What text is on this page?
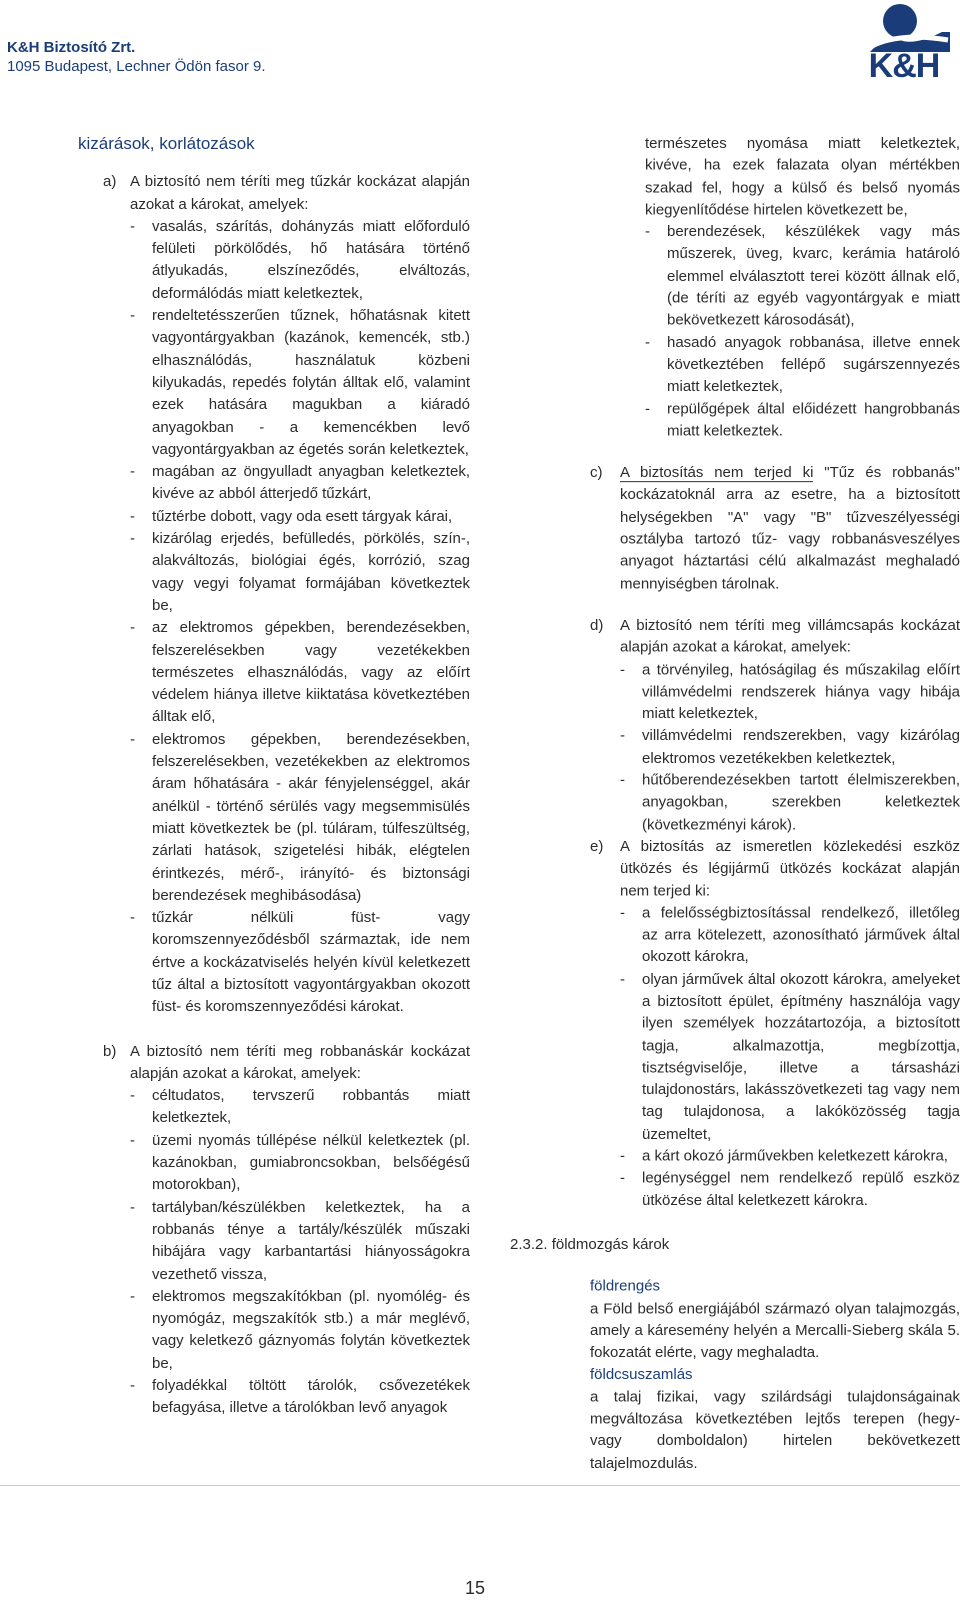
K&H Biztosító Zrt.
1095 Budapest, Lechner Ödön fasor 9.	K&H
kizárások, korlátozások
a) A biztosító nem téríti meg tűzkár kockázat alapján azokat a károkat, amelyek:

- vasalás, szárítás, dohányzás miatt előforduló felületi pörkölődés, hő hatására történő átlyukadás, elszíneződés, elváltozás, deformálódás miatt keletkeztek,
- rendeltetésszerűen tűznek, hőhatásnak kitett vagyontárgyakban (kazánok, kemencék, stb.) elhasználódás, használatuk közbeni kilyukadás, repedés folytán álltak elő, valamint ezek hatására magukban a kiáradó anyagokban - a kemencékben levő vagyontárgyakban az égetés során keletkeztek,
- magában az öngyulladt anyagban keletkeztek, kivéve az abból átterjedő tűzkárt,
- tűztérbe dobott, vagy oda esett tárgyak kárai,
- kizárólag erjedés, befülledés, pörkölés, szín-, alakváltozás, biológiai égés, korrózió, szag vagy vegyi folyamat formájában következtek be,
- az elektromos gépekben, berendezésekben, felszerelésekben vagy vezetékekben természetes elhasználódás, vagy az előírt védelem hiánya illetve kiiktatása következtében álltak elő,
- elektromos gépekben, berendezésekben, felszerelésekben, vezetékekben az elektromos áram hőhatására - akár fényjelenséggel, akár anélkül - történő sérülés vagy megsemmisülés miatt következtek be (pl. túláram, túlfeszültség, zárlati hatások, szigetelési hibák, elégtelen érintkezés, mérő-, irányító- és biztonsági berendezések meghibásodása)
- tűzkár nélküli füst- vagy koromszennyeződésből származtak, ide nem értve a kockázatviselés helyén kívül keletkezett tűz által a biztosított vagyontárgyakban okozott füst- és koromszennyeződési károkat.
b) A biztosító nem téríti meg robbanáskár kockázat alapján azokat a károkat, amelyek:

- céltudatos, tervszerű robbantás miatt keletkeztek,
- üzemi nyomás túllépése nélkül keletkeztek (pl. kazánokban, gumiabroncsokban, belsőégésű motorokban),
- tartályban/készülékben keletkeztek, ha a robbanás ténye a tartály/készülék műszaki hibájára vagy karbantartási hiányosságokra vezethető vissza,
- elektromos megszakítókban (pl. nyomólég- és nyomógáz, megszakítók stb.) a már meglévő, vagy keletkező gáznyomás folytán következtek be,
- folyadékkal töltött tárolók, csővezetékek befagyása, illetve a tárolókban levő anyagok

természetes nyomása miatt keletkeztek, kivéve, ha ezek falazata olyan mértékben szakad fel, hogy a külső és belső nyomás kiegyenlítődése hirtelen következett be,

- berendezések, készülékek vagy más műszerek, üveg, kvarc, kerámia határoló elemmel elválasztott terei között állnak elő, (de téríti az egyéb vagyontárgyak e miatt bekövetkezett károsodását),
- hasadó anyagok robbanása, illetve ennek következtében fellépő sugárszennyezés miatt keletkeztek,
- repülőgépek által előidézett hangrobbanás miatt keletkeztek.
c) A biztosítás nem terjed ki "Tűz és robbanás" kockázatoknál arra az esetre, ha a biztosított helységekben "A" vagy "B" tűzveszélyességi osztályba tartozó tűz- vagy robbanásveszélyes anyagot háztartási célú alkalmazást meghaladó mennyiségben tárolnak.

d) A biztosító nem téríti meg villámcsapás kockázat alapján azokat a károkat, amelyek:

- a törvényileg, hatóságilag és műszakilag előírt villámvédelmi rendszerek hiánya vagy hibája miatt keletkeztek,
- villámvédelmi rendszerekben, vagy kizárólag elektromos vezetékekben keletkeztek,
- hűtőberendezésekben tartott élelmiszerekben, anyagokban, szerekben keletkeztek (következményi károk).
e) A biztosítás az ismeretlen közlekedési eszköz ütközés és légijármű ütközés kockázat alapján nem terjed ki:

- a felelősségbiztosítással rendelkező, illetőleg az arra kötelezett, azonosítható járművek által okozott károkra,
- olyan járművek által okozott károkra, amelyeket a biztosított épület, építmény használója vagy ilyen személyek hozzátartozója, a biztosított tagja, alkalmazottja, megbízottja, tisztségviselője, illetve a társasházi tulajdonostárs, lakásszövetkezeti tag vagy nem tag tulajdonosa, a lakóközösség tagja üzemeltet,
- a kárt okozó járművekben keletkezett károkra,
- legénységgel nem rendelkező repülő eszköz ütközése által keletkezett károkra.
2.3.2. földmozgás károk
földrengés

a Föld belső energiájából származó olyan talajmozgás, amely a káresemény helyén a Mercalli-Sieberg skála 5. fokozatát elérte, vagy meghaladta.

földcsuszamlás

a talaj fizikai, vagy szilárdsági tulajdonságainak megváltozása következtében lejtős terepen (hegy- vagy domboldalon) hirtelen bekövetkezett talajelmozdulás.

15
